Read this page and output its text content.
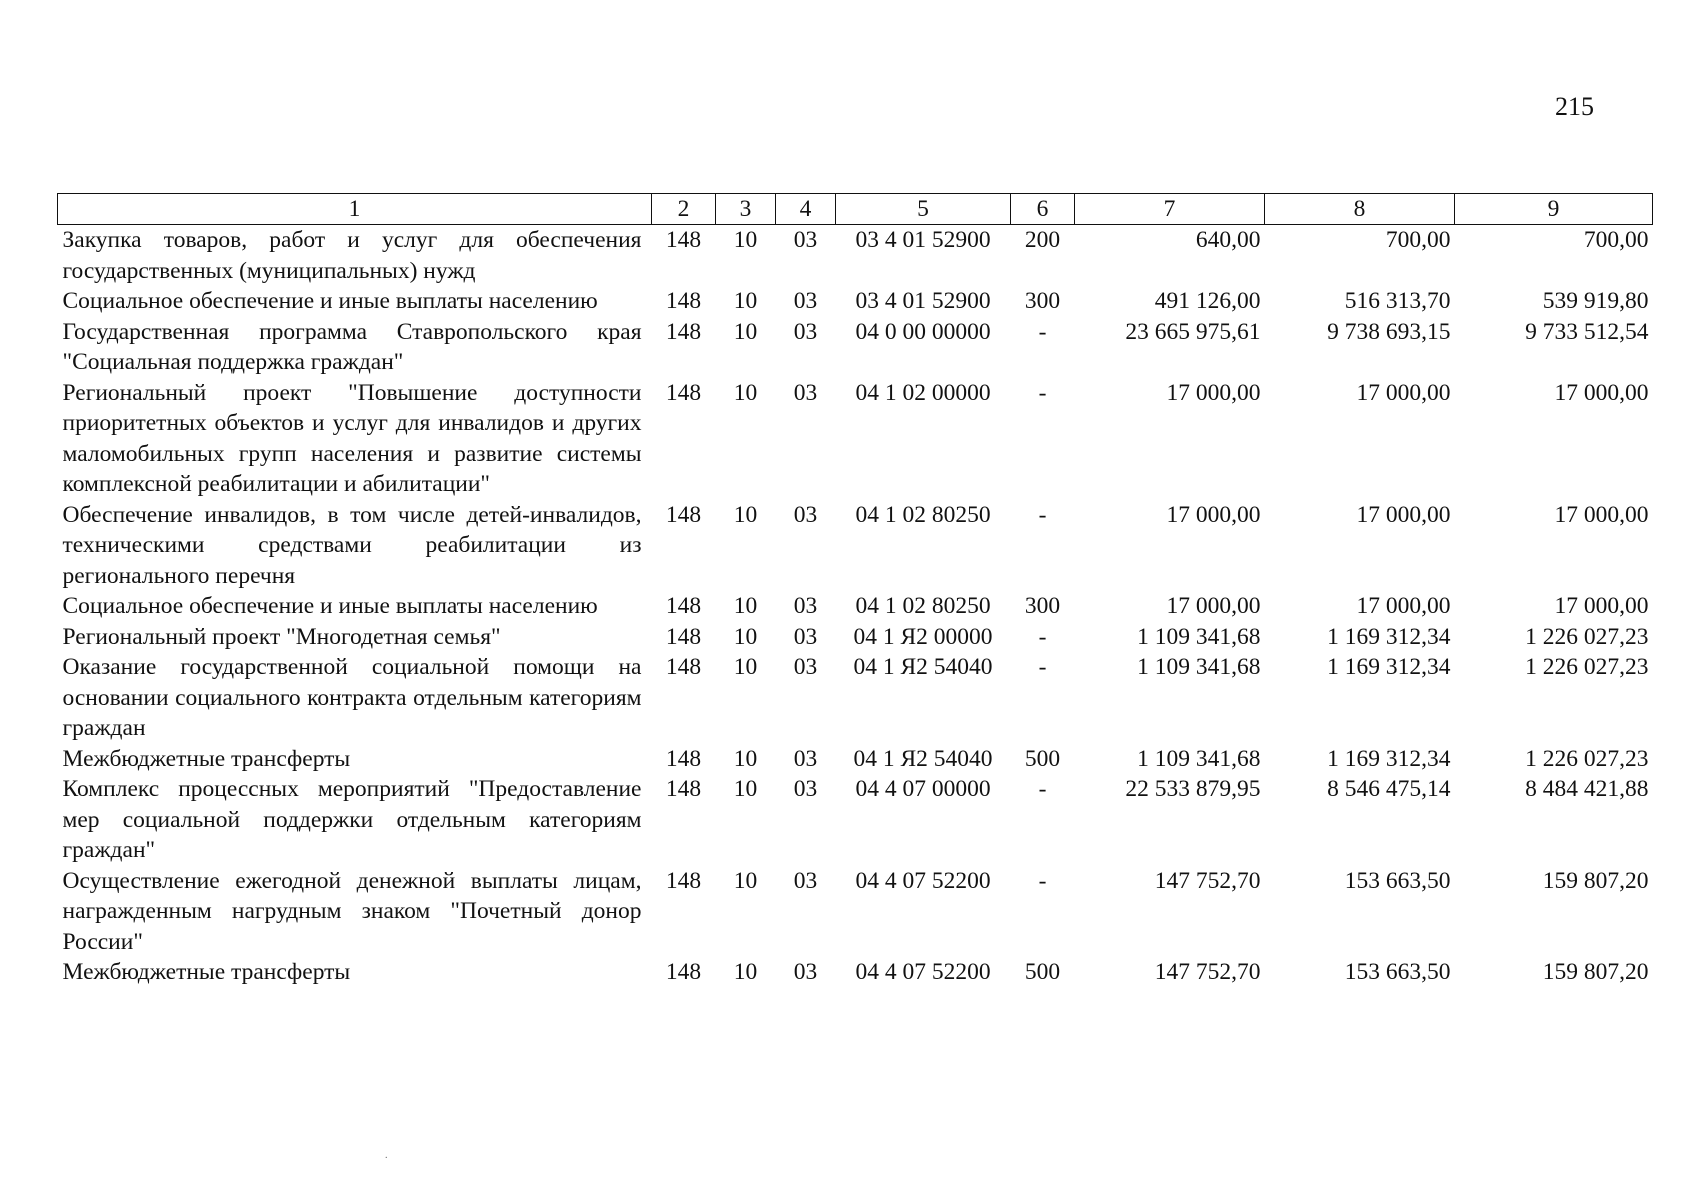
215
1	2	3	4	5	6	7	8	9
Закупка товаров, работ и услуг для обеспечения государственных (муниципальных) нужд	148	10	03	03 4 01 52900	200	640,00	700,00	700,00
Социальное обеспечение и иные выплаты населению	148	10	03	03 4 01 52900	300	491 126,00	516 313,70	539 919,80
Государственная программа Ставропольского края "Социальная поддержка граждан"	148	10	03	04 0 00 00000	-	23 665 975,61	9 738 693,15	9 733 512,54
Региональный проект "Повышение доступности приоритетных объектов и услуг для инвалидов и других маломобильных групп населения и развитие системы комплексной реабилитации и абилитации"	148	10	03	04 1 02 00000	-	17 000,00	17 000,00	17 000,00
Обеспечение инвалидов, в том числе детей-инвалидов, техническими средствами реабилитации из регионального перечня	148	10	03	04 1 02 80250	-	17 000,00	17 000,00	17 000,00
Социальное обеспечение и иные выплаты населению	148	10	03	04 1 02 80250	300	17 000,00	17 000,00	17 000,00
Региональный проект "Многодетная семья"	148	10	03	04 1 Я2 00000	-	1 109 341,68	1 169 312,34	1 226 027,23
Оказание государственной социальной помощи на основании социального контракта отдельным категориям граждан	148	10	03	04 1 Я2 54040	-	1 109 341,68	1 169 312,34	1 226 027,23
Межбюджетные трансферты	148	10	03	04 1 Я2 54040	500	1 109 341,68	1 169 312,34	1 226 027,23
Комплекс процессных мероприятий "Предоставление мер социальной поддержки отдельным категориям граждан"	148	10	03	04 4 07 00000	-	22 533 879,95	8 546 475,14	8 484 421,88
Осуществление ежегодной денежной выплаты лицам, награжденным нагрудным знаком "Почетный донор России"	148	10	03	04 4 07 52200	-	147 752,70	153 663,50	159 807,20
Межбюджетные трансферты	148	10	03	04 4 07 52200	500	147 752,70	153 663,50	159 807,20
.
